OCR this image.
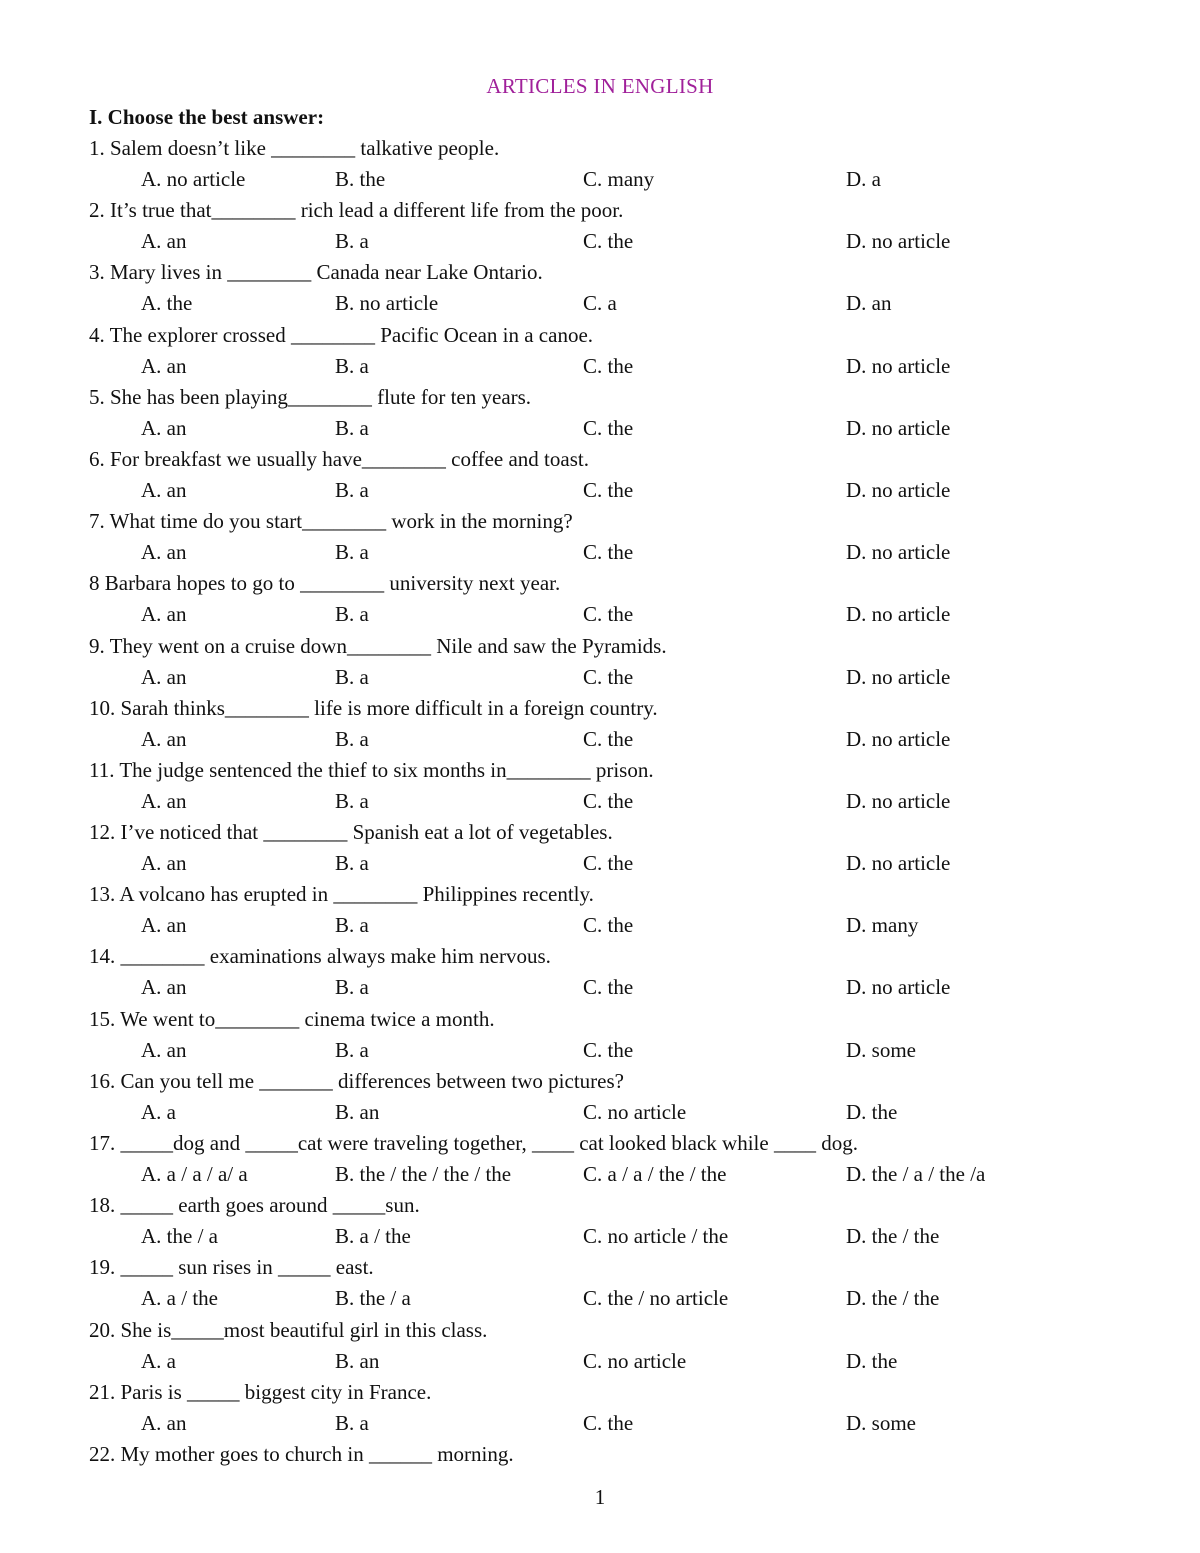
ARTICLES IN ENGLISH
I. Choose the best answer:
1. Salem doesn’t like ________ talkative people.
A. no article	B. the	C. many	D. a
2. It’s true that________ rich lead a different life from the poor.
A. an	B. a	C. the	D. no article
3. Mary lives in ________ Canada near Lake Ontario.
A. the	B. no article	C. a	D. an
4. The explorer crossed ________ Pacific Ocean in a canoe.
A. an	B. a	C. the	D. no article
5. She has been playing________ flute for ten years.
A. an	B. a	C. the	D. no article
6. For breakfast we usually have________ coffee and toast.
A. an	B. a	C. the	D. no article
7. What time do you start________ work in the morning?
A. an	B. a	C. the	D. no article
8 Barbara hopes to go to ________ university next year.
A. an	B. a	C. the	D. no article
9. They went on a cruise down________ Nile and saw the Pyramids.
A. an	B. a	C. the	D. no article
10. Sarah thinks________ life is more difficult in a foreign country.
A. an	B. a	C. the	D. no article
11. The judge sentenced the thief to six months in________ prison.
A. an	B. a	C. the	D. no article
12. I’ve noticed that ________ Spanish eat a lot of vegetables.
A. an	B. a	C. the	D. no article
13. A volcano has erupted in ________ Philippines recently.
A. an	B. a	C. the	D. many
14. ________ examinations always make him nervous.
A. an	B. a	C. the	D. no article
15. We went to________ cinema twice a month.
A. an	B. a	C. the	D. some
16. Can you tell me _______ differences between two pictures?
A. a	B. an	C. no article	D. the
17. _____dog and _____cat were traveling together, ____ cat looked black while ____ dog.
A. a / a / a/ a	B. the / the / the / the	C. a / a / the / the	D. the / a / the /a
18. _____ earth goes around _____sun.
A. the / a	B. a / the	C. no article / the	D. the / the
19. _____ sun rises in _____ east.
A. a / the	B. the / a	C. the / no article	D. the / the
20. She is_____most beautiful girl in this class.
A. a	B. an	C. no article	D. the
21. Paris is _____ biggest city in France.
A. an	B. a	C. the	D. some
22. My mother goes to church in ______ morning.
1
